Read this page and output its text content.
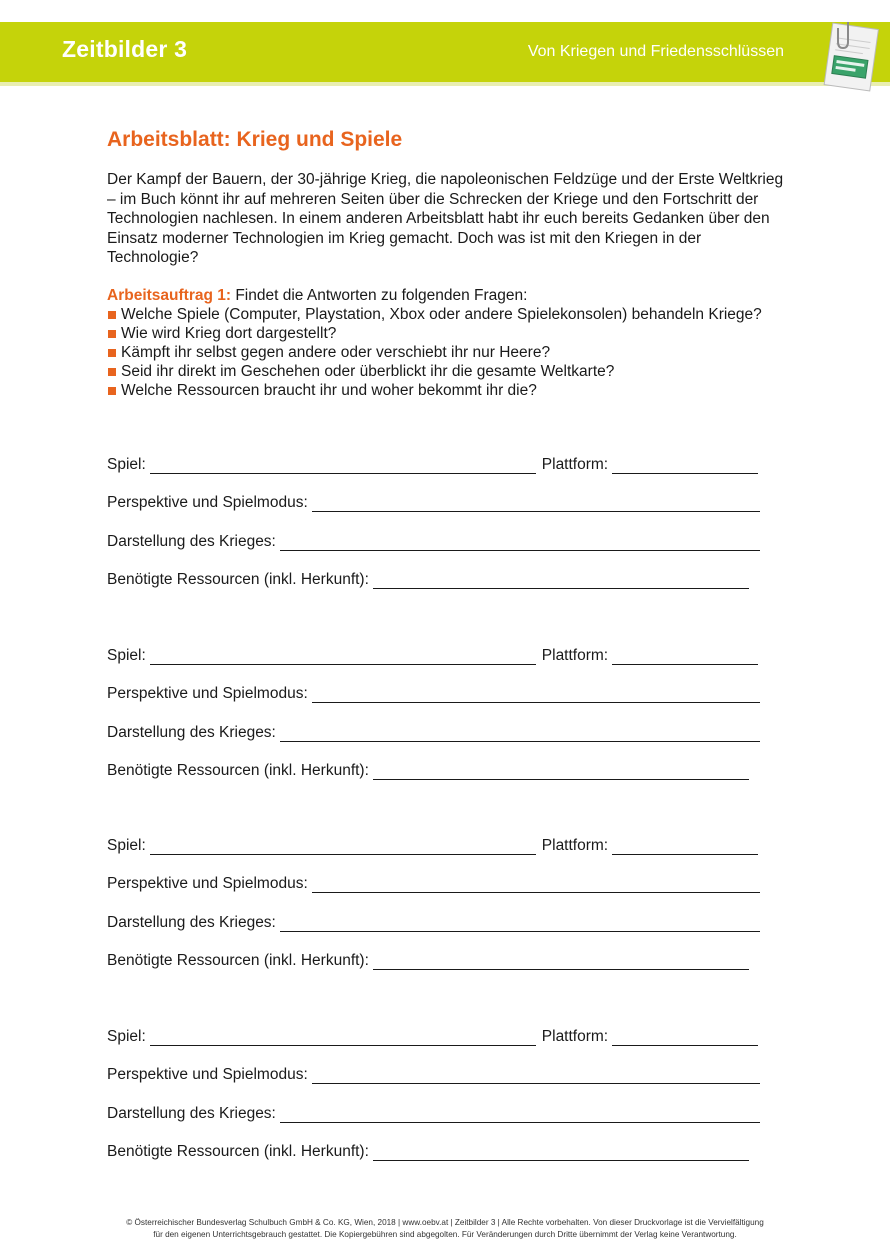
Zeitbilder 3	Von Kriegen und Friedensschlüssen
Arbeitsblatt: Krieg und Spiele

Der Kampf der Bauern, der 30-jährige Krieg, die napoleonischen Feldzüge und der Erste Weltkrieg – im Buch könnt ihr auf mehreren Seiten über die Schrecken der Kriege und den Fortschritt der Technologien nachlesen. In einem anderen Arbeitsblatt habt ihr euch bereits Gedanken über den Einsatz moderner Technologien im Krieg gemacht. Doch was ist mit den Kriegen in der Technologie?

Arbeitsauftrag 1: Findet die Antworten zu folgenden Fragen:
Welche Spiele (Computer, Playstation, Xbox oder andere Spielekonsolen) behandeln Kriege?
Wie wird Krieg dort dargestellt?
Kämpft ihr selbst gegen andere oder verschiebt ihr nur Heere?
Seid ihr direkt im Geschehen oder überblickt ihr die gesamte Weltkarte?
Welche Ressourcen braucht ihr und woher bekommt ihr die?
Spiel:	Plattform:
Perspektive und Spielmodus:
Darstellung des Krieges:
Benötigte Ressourcen (inkl. Herkunft):
Spiel:	Plattform:
Perspektive und Spielmodus:
Darstellung des Krieges:
Benötigte Ressourcen (inkl. Herkunft):
Spiel:	Plattform:
Perspektive und Spielmodus:
Darstellung des Krieges:
Benötigte Ressourcen (inkl. Herkunft):
Spiel:	Plattform:
Perspektive und Spielmodus:
Darstellung des Krieges:
Benötigte Ressourcen (inkl. Herkunft):
© Österreichischer Bundesverlag Schulbuch GmbH & Co. KG, Wien, 2018 | www.oebv.at | Zeitbilder 3 | Alle Rechte vorbehalten. Von dieser Druckvorlage ist die Vervielfältigung
für den eigenen Unterrichtsgebrauch gestattet. Die Kopiergebühren sind abgegolten. Für Veränderungen durch Dritte übernimmt der Verlag keine Verantwortung.
